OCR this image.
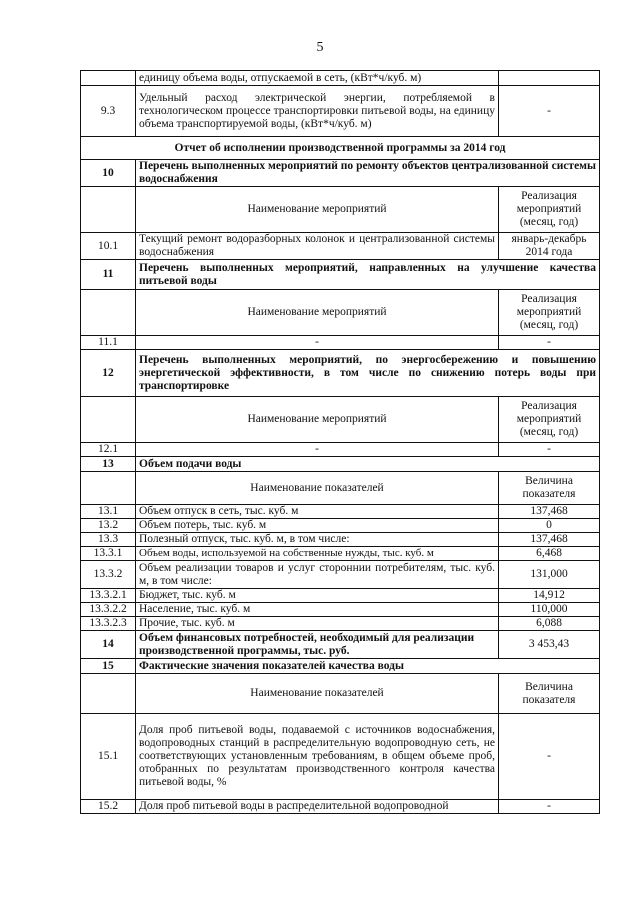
5
	единицу объема воды, отпускаемой в сеть, (кВт*ч/куб. м)	
9.3	Удельный расход электрической энергии, потребляемой в технологическом процессе транспортировки питьевой воды, на единицу объема транспортируемой воды, (кВт*ч/куб. м)	-
Отчет об исполнении производственной программы за 2014 год		
10	Перечень выполненных мероприятий по ремонту объектов централизованной системы водоснабжения	
	Наименование мероприятий	Реализация мероприятий (месяц, год)
10.1	Текущий ремонт водоразборных колонок и централизованной системы водоснабжения	январь-декабрь 2014 года
11	Перечень выполненных мероприятий, направленных на улучшение качества питьевой воды	
	Наименование мероприятий	Реализация мероприятий (месяц, год)
11.1	-	-
12	Перечень выполненных мероприятий, по энергосбережению и повышению энергетической эффективности, в том числе по снижению потерь воды при транспортировке	
	Наименование мероприятий	Реализация мероприятий (месяц, год)
12.1	-	-
13	Объем подачи воды	
	Наименование показателей	Величина показателя
13.1	Объем отпуск в сеть, тыс. куб. м	137,468
13.2	Объем потерь, тыс. куб. м	0
13.3	Полезный отпуск, тыс. куб. м, в том числе:	137,468
13.3.1	Объем воды, используемой на собственные нужды, тыс. куб. м	6,468
13.3.2	Объем реализации товаров и услуг стороннии потребителям, тыс. куб. м, в том числе:	131,000
13.3.2.1	Бюджет, тыс. куб. м	14,912
13.3.2.2	Население, тыс. куб. м	110,000
13.3.2.3	Прочие, тыс. куб. м	6,088
14	Объем финансовых потребностей, необходимый для реализации производственной программы, тыс. руб.	3 453,43
15	Фактические значения показателей качества воды	
	Наименование показателей	Величина показателя
15.1	Доля проб питьевой воды, подаваемой с источников водоснабжения, водопроводных станций в распределительную водопроводную сеть, не соответствующих установленным требованиям, в общем объеме проб, отобранных по результатам производственного контроля качества питьевой воды, %	-
15.2	Доля проб питьевой воды в распределительной водопроводной	-
